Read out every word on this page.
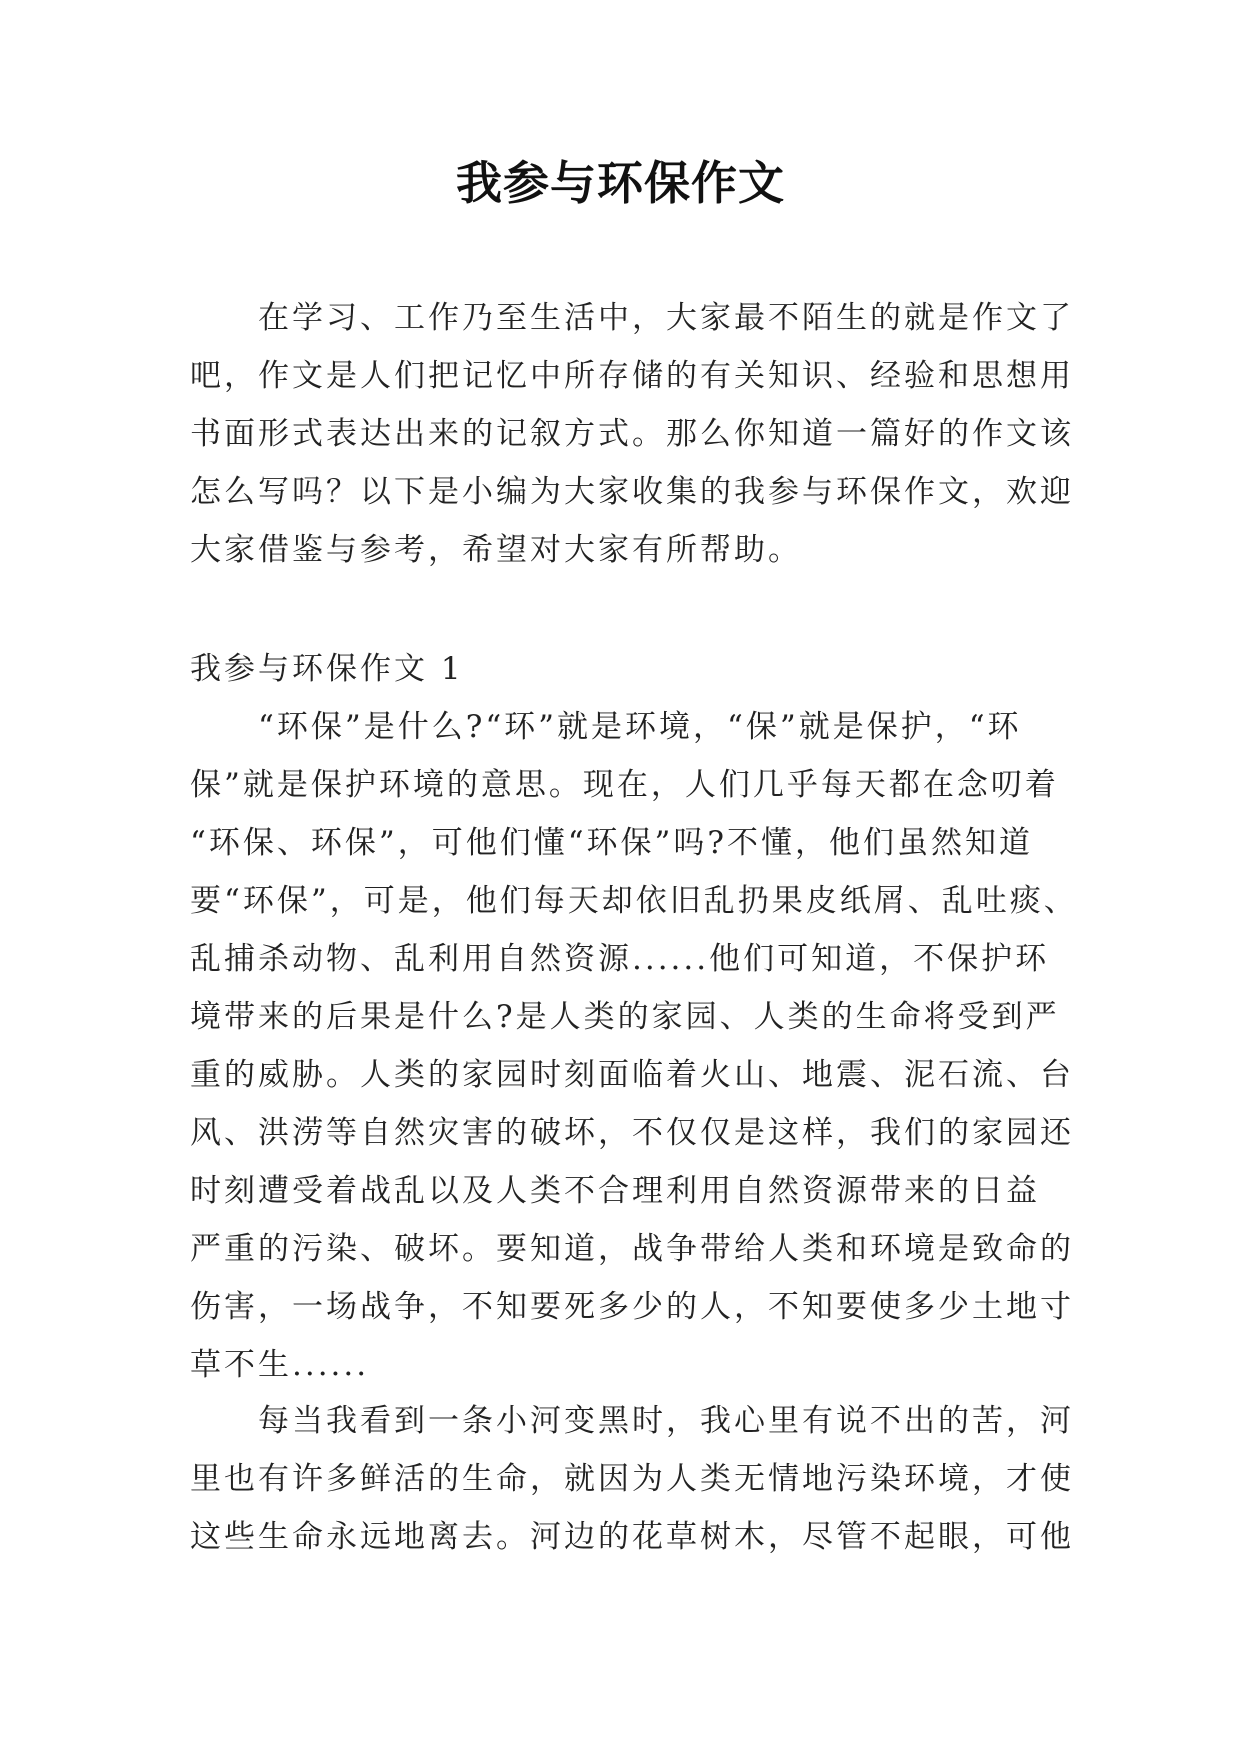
我参与环保作文
　　在学习、工作乃至生活中，大家最不陌生的就是作文了
吧，作文是人们把记忆中所存储的有关知识、经验和思想用
书面形式表达出来的记叙方式。那么你知道一篇好的作文该
怎么写吗？以下是小编为大家收集的我参与环保作文，欢迎
大家借鉴与参考，希望对大家有所帮助。
我参与环保作文 1
　　“环保”是什么?“环”就是环境，“保”就是保护，“环
保”就是保护环境的意思。现在，人们几乎每天都在念叨着
“环保、环保”，可他们懂“环保”吗?不懂，他们虽然知道
要“环保”，可是，他们每天却依旧乱扔果皮纸屑、乱吐痰、
乱捕杀动物、乱利用自然资源......他们可知道，不保护环
境带来的后果是什么?是人类的家园、人类的生命将受到严
重的威胁。人类的家园时刻面临着火山、地震、泥石流、台
风、洪涝等自然灾害的破坏，不仅仅是这样，我们的家园还
时刻遭受着战乱以及人类不合理利用自然资源带来的日益
严重的污染、破坏。要知道，战争带给人类和环境是致命的
伤害，一场战争，不知要死多少的人，不知要使多少土地寸
草不生......
　　每当我看到一条小河变黑时，我心里有说不出的苦，河
里也有许多鲜活的生命，就因为人类无情地污染环境，才使
这些生命永远地离去。河边的花草树木，尽管不起眼，可他
